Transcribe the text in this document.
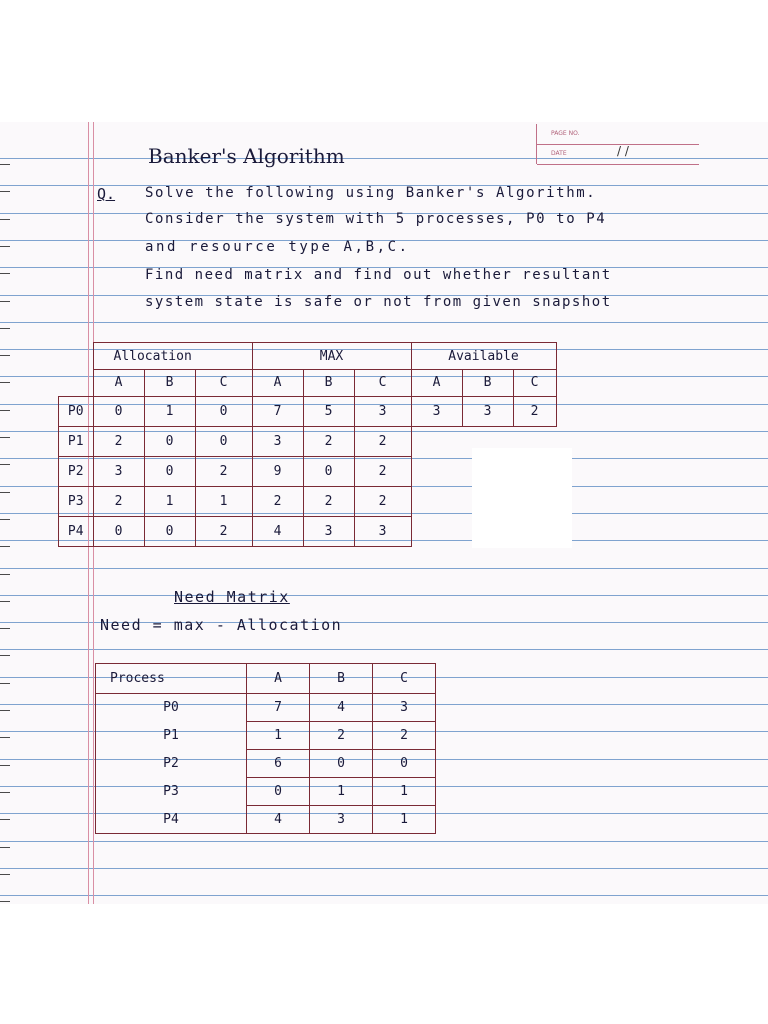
PAGE NO.
DATE	/ /
Banker's Algorithm
Q. Solve the following using Banker's Algorithm.
Consider the system with 5 processes, P0 to P4
and resource type A,B,C.
Find need matrix and find out whether resultant
system state is safe or not from given snapshot
	Allocation			MAX			Available		
	A	B	C	A	B	C	A	B	C
P0	0	1	0	7	5	3	3	3	2
P1	2	0	0	3	2	2			
P2	3	0	2	9	0	2			
P3	2	1	1	2	2	2			
P4	0	0	2	4	3	3			
Need Matrix
Need = max - Allocation
Process	A	B	C
P0	7	4	3
P1	1	2	2
P2	6	0	0
P3	0	1	1
P4	4	3	1
